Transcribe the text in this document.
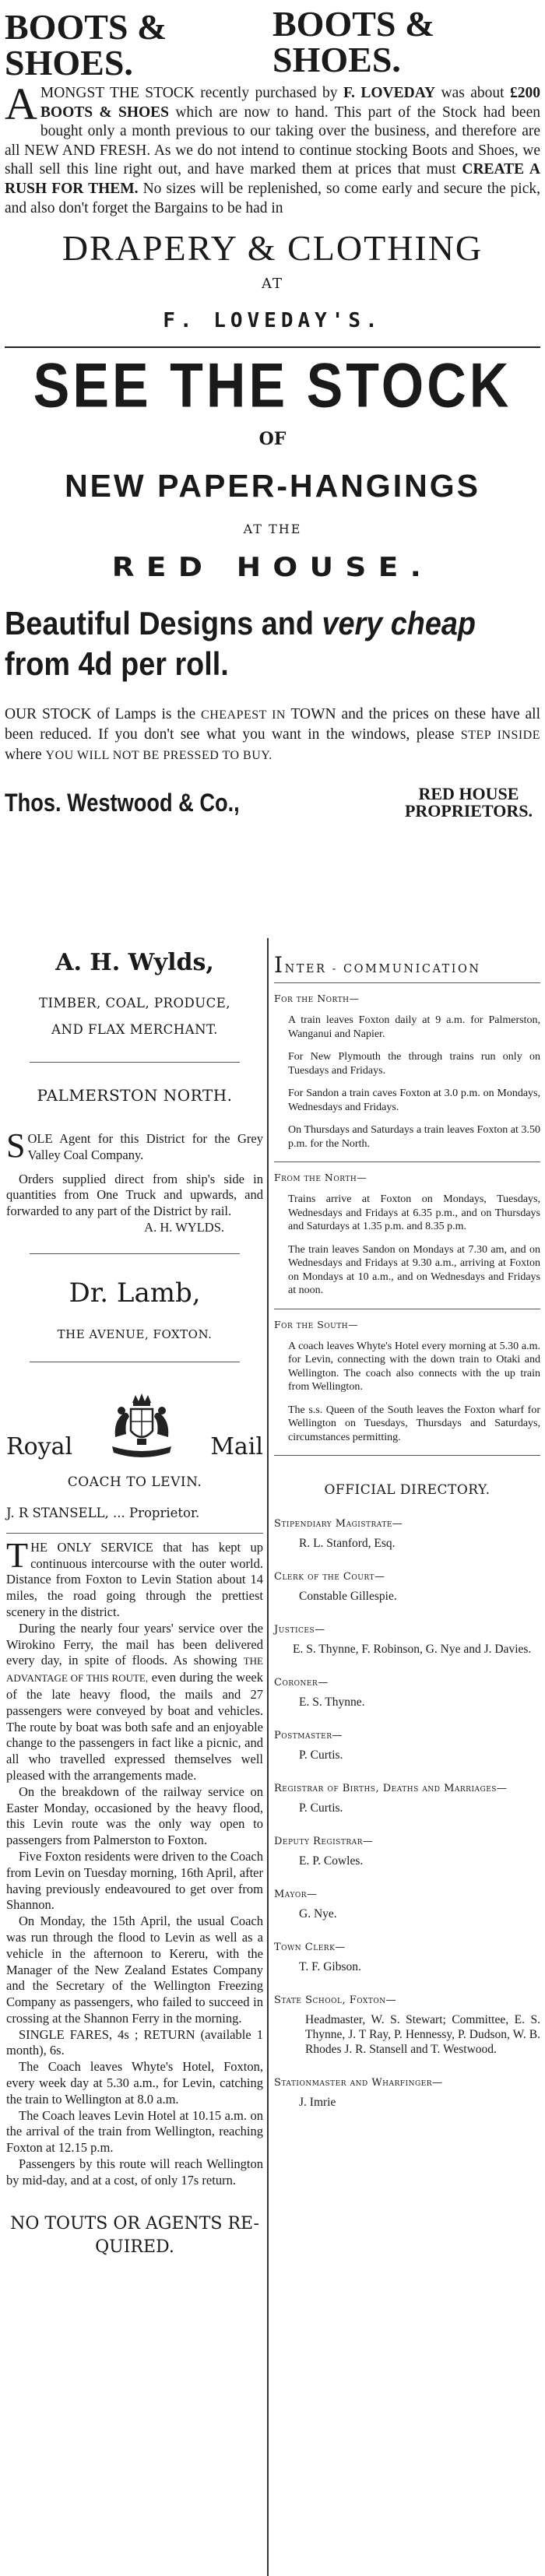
BOOTS & SHOES.
BOOTS & SHOES.
A MONGST THE STOCK recently purchased by F. LOVEDAY was about £200 BOOTS & SHOES which are now to hand. This part of the Stock had been bought only a month previous to our taking over the business, and therefore are all NEW AND FRESH. As we do not intend to continue stocking Boots and Shoes, we shall sell this line right out, and have marked them at prices that must CREATE A RUSH FOR THEM. No sizes will be replenished, so come early and secure the pick, and also don't forget the Bargains to be had in
DRAPERY & CLOTHING
AT
F. LOVEDAY'S.
SEE THE STOCK
OF
NEW PAPER-HANGINGS
AT THE
RED HOUSE.
Beautiful Designs and very cheap from 4d per roll.
OUR STOCK of Lamps is the CHEAPEST IN TOWN and the prices on these have all been reduced. If you don't see what you want in the windows, please STEP INSIDE where YOU WILL NOT BE PRESSED TO BUY.
Thos. Westwood & Co.,	RED HOUSE
PROPRIETORS.
A. H. Wylds,
TIMBER, COAL, PRODUCE,
AND FLAX MERCHANT.
PALMERSTON NORTH.
SOLE Agent for this District for the Grey Valley Coal Company.
Orders supplied direct from ship's side in quantities from One Truck and upwards, and forwarded to any part of the District by rail.
A. H. WYLDS.
Dr. Lamb,
THE AVENUE, FOXTON.
Royal	Mail
COACH TO LEVIN.
J. R STANSELL, ... Proprietor.
THE ONLY SERVICE that has kept up continuous intercourse with the outer world. Distance from Foxton to Levin Station about 14 miles, the road going through the prettiest scenery in the district.
During the nearly four years' service over the Wirokino Ferry, the mail has been delivered every day, in spite of floods. As showing THE ADVANTAGE OF THIS ROUTE, even during the week of the late heavy flood, the mails and 27 passengers were conveyed by boat and vehicles. The route by boat was both safe and an enjoyable change to the passengers in fact like a picnic, and all who travelled expressed themselves well pleased with the arrangements made.
On the breakdown of the railway service on Easter Monday, occasioned by the heavy flood, this Levin route was the only way open to passengers from Palmerston to Foxton.
Five Foxton residents were driven to the Coach from Levin on Tuesday morning, 16th April, after having previously endeavoured to get over from Shannon.
On Monday, the 15th April, the usual Coach was run through the flood to Levin as well as a vehicle in the afternoon to Kereru, with the Manager of the New Zealand Estates Company and the Secretary of the Wellington Freezing Company as passengers, who failed to succeed in crossing at the Shannon Ferry in the morning.
SINGLE FARES, 4s ; RETURN (available 1 month), 6s.
The Coach leaves Whyte's Hotel, Foxton, every week day at 5.30 a.m., for Levin, catching the train to Wellington at 8.0 a.m.
The Coach leaves Levin Hotel at 10.15 a.m. on the arrival of the train from Wellington, reaching Foxton at 12.15 p.m.
Passengers by this route will reach Wellington by mid-day, and at a cost, of only 17s return.
NO TOUTS OR AGENTS RE-
QUIRED.
INTER - COMMUNICATION
For the North—
A train leaves Foxton daily at 9 a.m. for Palmerston, Wanganui and Napier.
For New Plymouth the through trains run only on Tuesdays and Fridays.
For Sandon a train caves Foxton at 3.0 p.m. on Mondays, Wednesdays and Fridays.
On Thursdays and Saturdays a train leaves Foxton at 3.50 p.m. for the North.
From the North—
Trains arrive at Foxton on Mondays, Tuesdays, Wednesdays and Fridays at 6.35 p.m., and on Thursdays and Saturdays at 1.35 p.m. and 8.35 p.m.
The train leaves Sandon on Mondays at 7.30 am, and on Wednesdays and Fridays at 9.30 a.m., arriving at Foxton on Mondays at 10 a.m., and on Wednesdays and Fridays at noon.
For the South—
A coach leaves Whyte's Hotel every morning at 5.30 a.m. for Levin, connecting with the down train to Otaki and Wellington. The coach also connects with the up train from Wellington.
The s.s. Queen of the South leaves the Foxton wharf for Wellington on Tuesdays, Thursdays and Saturdays, circumstances permitting.
OFFICIAL DIRECTORY.
Stipendiary Magistrate—
R. L. Stanford, Esq.
Clerk of the Court—
Constable Gillespie.
Justices—
E. S. Thynne, F. Robinson, G. Nye and J. Davies.
Coroner—
E. S. Thynne.
Postmaster—
P. Curtis.
Registrar of Births, Deaths and Marriages—
P. Curtis.
Deputy Registrar—
E. P. Cowles.
Mayor—
G. Nye.
Town Clerk—
T. F. Gibson.
State School, Foxton—
Headmaster, W. S. Stewart; Committee, E. S. Thynne, J. T Ray, P. Hennessy, P. Dudson, W. B. Rhodes J. R. Stansell and T. Westwood.
Stationmaster and Wharfinger—
J. Imrie
